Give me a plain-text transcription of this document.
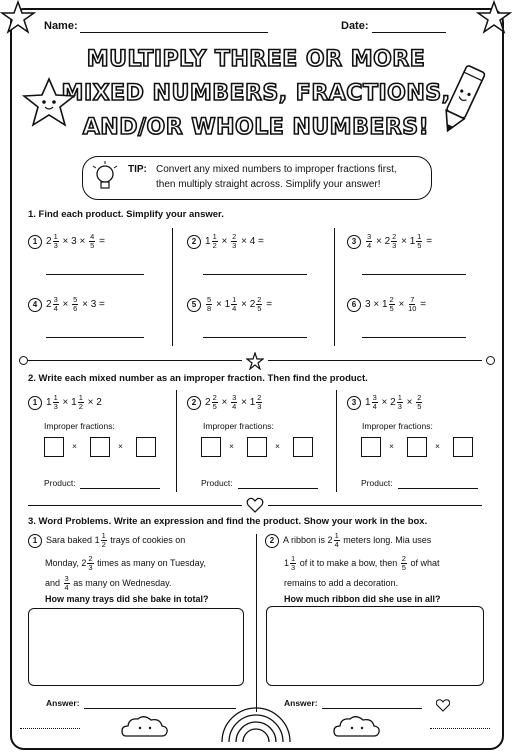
Name:	Date:
MULTIPLY THREE OR MORE
MIXED NUMBERS, FRACTIONS,
AND/OR WHOLE NUMBERS!
TIP: Convert any mixed numbers to improper fractions first,
then multiply straight across. Simplify your answer!
1. Find each product. Simplify your answer.
1 $2 \frac{1}{3} \times 3 \times \frac{4}{5}$ =	2 $1 \frac{1}{2} \times \frac{2}{3} \times 4$ =	$3 \frac{3}{4} \times 2 \frac{2}{3} \times 1 \frac{1}{5}$ =
4 $2 \frac{3}{4} \times \frac{5}{6} \times 3$ =	$5 \frac{5}{8} \times 1 \frac{1}{4} \times 2 \frac{2}{5}$ =	6 $3 \times 1 \frac{2}{5} \times \frac{7}{10}$ =
2. Write each mixed number as an improper fraction. Then find the product.
1 $1 \frac{1}{3} \times 1 \frac{1}{2} \times 2$	2 $2 \frac{2}{5} \times \frac{3}{4} \times 1 \frac{2}{3}$	3 $1 \frac{3}{4} \times 2 \frac{1}{3} \times \frac{2}{5}$
Improper fractions:	Improper fractions:	Improper fractions:
×	×	×	×	×	×
Product:	Product:	Product:
3. Word Problems. Write an expression and find the product. Show your work in the box.
1 Sara baked $1 \frac{1}{2}$ trays of cookies on
Monday, $2 \frac{2}{3}$ times as many on Tuesday,
and $\frac{3}{4}$ as many on Wednesday.
How many trays did she bake in total?
2 A ribbon is $2 \frac{1}{4}$ meters long. Mia uses
$1 \frac{1}{3}$ of it to make a bow, then $\frac{2}{5}$ of what
remains to add a decoration.
How much ribbon did she use in all?
Answer:	Answer:
